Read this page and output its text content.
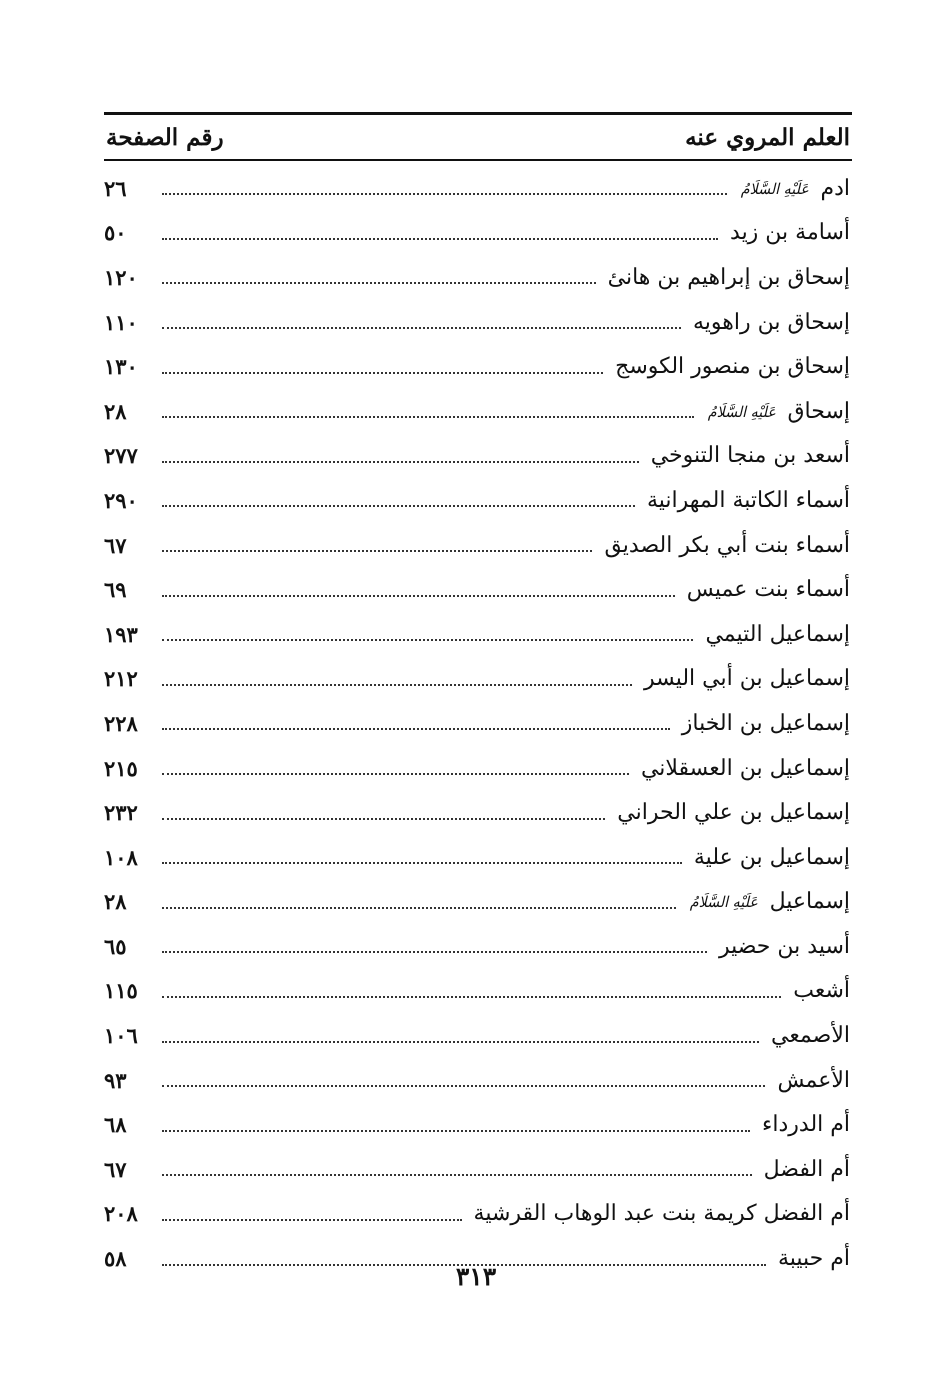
العلم المروي عنه
رقم الصفحة
ادمعَلَيْهِ السَّلَامُ
٢٦
أسامة بن زيد
٥٠
إسحاق بن إبراهيم بن هانئ
١٢٠
إسحاق بن راهويه
١١٠
إسحاق بن منصور الكوسج
١٣٠
إسحاقعَلَيْهِ السَّلَامُ
٢٨
أسعد بن منجا التنوخي
٢٧٧
أسماء الكاتبة المهرانية
٢٩٠
أسماء بنت أبي بكر الصديق
٦٧
أسماء بنت عميس
٦٩
إسماعيل التيمي
١٩٣
إسماعيل بن أبي اليسر
٢١٢
إسماعيل بن الخباز
٢٢٨
إسماعيل بن العسقلاني
٢١٥
إسماعيل بن علي الحراني
٢٣٢
إسماعيل بن علية
١٠٨
إسماعيلعَلَيْهِ السَّلَامُ
٢٨
أسيد بن حضير
٦٥
أشعب
١١٥
الأصمعي
١٠٦
الأعمش
٩٣
أم الدرداء
٦٨
أم الفضل
٦٧
أم الفضل كريمة بنت عبد الوهاب القرشية
٢٠٨
أم حبيبة
٥٨
٣١٣
